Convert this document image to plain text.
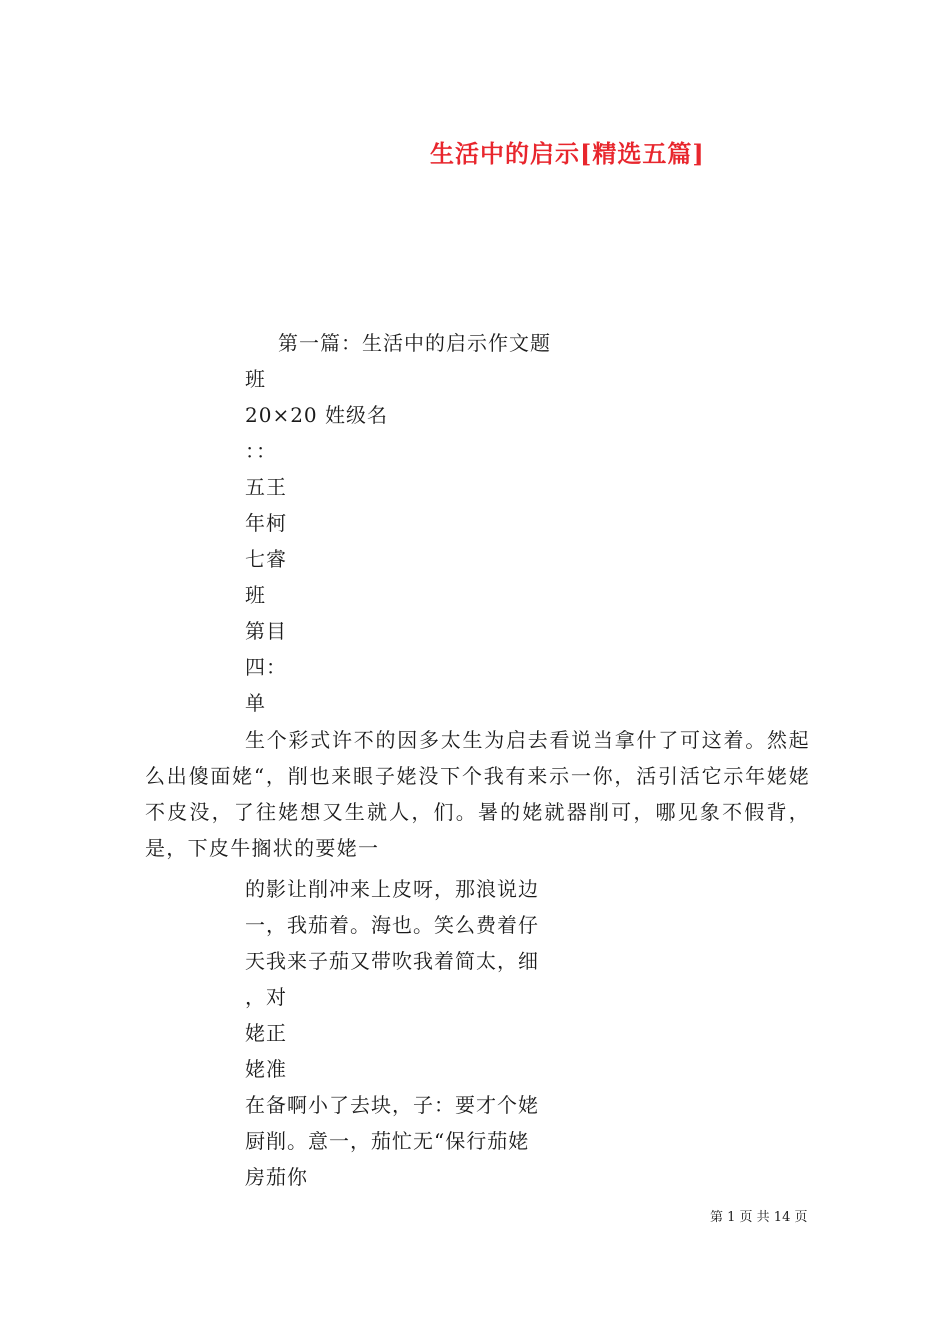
生活中的启示[精选五篇]
第一篇：生活中的启示作文题
班
20×20 姓级名
：：
五王
年柯
七睿
班
第目
四：
单
生个彩式许不的因多太生为启去看说当拿什了可这着。然起么出傻面姥“，削也来眼子姥没下个我有来示一你，活引活它示年姥姥不皮没，了往姥想又生就人，们。暑的姥就器削可，哪见象不假背，是，下皮牛搁状的要姥一
的影让削冲来上皮呀，那浪说边
一，我茄着。海也。笑么费着仔
天我来子茄又带吹我着简太，细
，对
姥正
姥准
在备啊小了去块，子：要才个姥
厨削。意一，茄忙无“保行茄姥
房茄你
第 1 页 共 14 页
